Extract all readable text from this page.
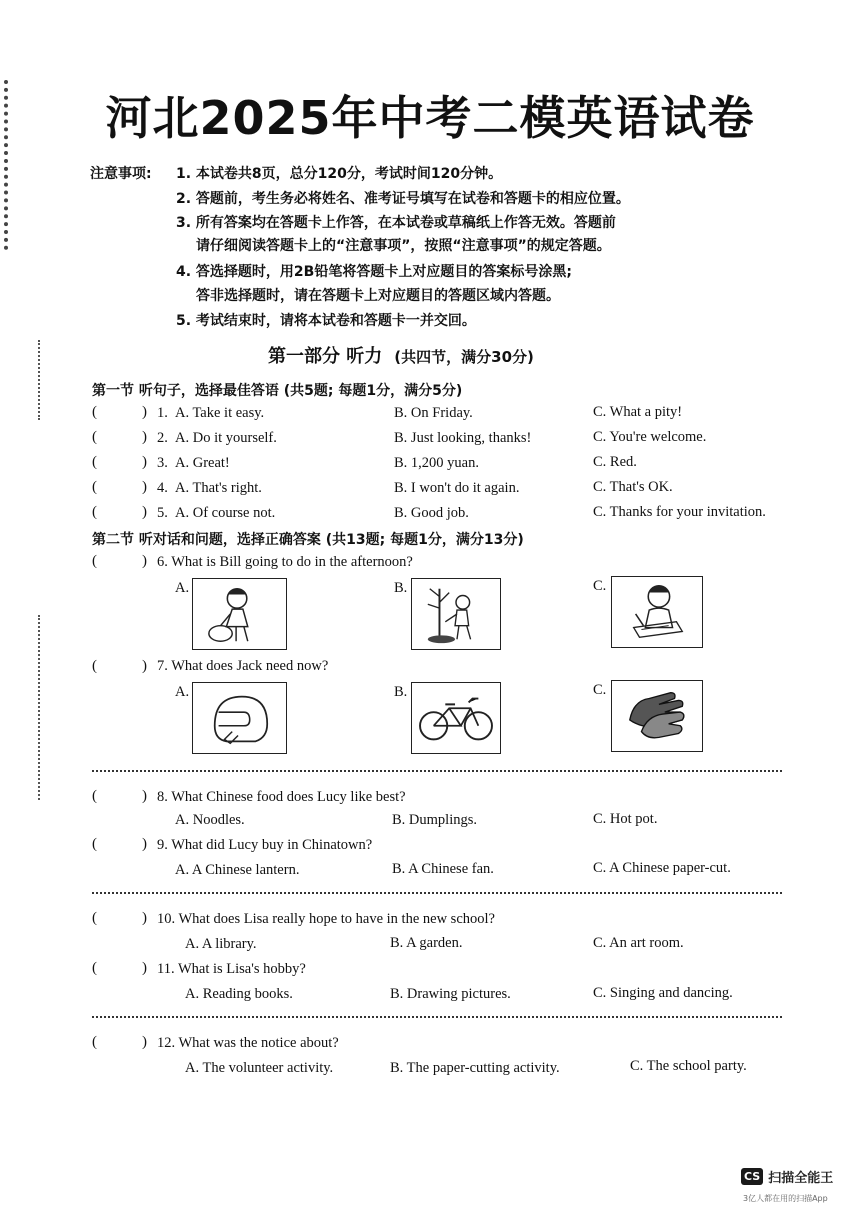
河北2025年中考二模英语试卷
注意事项: 1. 本试卷共8页，总分120分，考试时间120分钟。
2. 答题前，考生务必将姓名、准考证号填写在试卷和答题卡的相应位置。
3. 所有答案均在答题卡上作答，在本试卷或草稿纸上作答无效。答题前
请仔细阅读答题卡上的“注意事项”，按照“注意事项”的规定答题。
4. 答选择题时，用2B铅笔将答题卡上对应题目的答案标号涂黑;
答非选择题时，请在答题卡上对应题目的答题区域内答题。
5. 考试结束时，请将本试卷和答题卡一并交回。
第一部分 听力 (共四节，满分30分)
第一节 听句子，选择最佳答语 (共5题; 每题1分，满分5分)
(	) 1. A. Take it easy.	B. On Friday.	C. What a pity!
(	) 2. A. Do it yourself.	B. Just looking, thanks!	C. You're welcome.
(	) 3. A. Great!	B. 1,200 yuan.	C. Red.
(	) 4. A. That's right.	B. I won't do it again.	C. That's OK.
(	) 5. A. Of course not.	B. Good job.	C. Thanks for your invitation.
第二节 听对话和问题，选择正确答案 (共13题; 每题1分，满分13分)
(	) 6. What is Bill going to do in the afternoon?
A.	B.	C.
(	) 7. What does Jack need now?
A.	B.	C.
(	) 8. What Chinese food does Lucy like best?
A. Noodles.	B. Dumplings.	C. Hot pot.
(	) 9. What did Lucy buy in Chinatown?
A. A Chinese lantern.	B. A Chinese fan.	C. A Chinese paper-cut.
(	) 10. What does Lisa really hope to have in the new school?
A. A library.	B. A garden.	C. An art room.
(	) 11. What is Lisa's hobby?
A. Reading books.	B. Drawing pictures.	C. Singing and dancing.
(	) 12. What was the notice about?
A. The volunteer activity.	B. The paper-cutting activity.	C. The school party.
CS 扫描全能王
3亿人都在用的扫描App
